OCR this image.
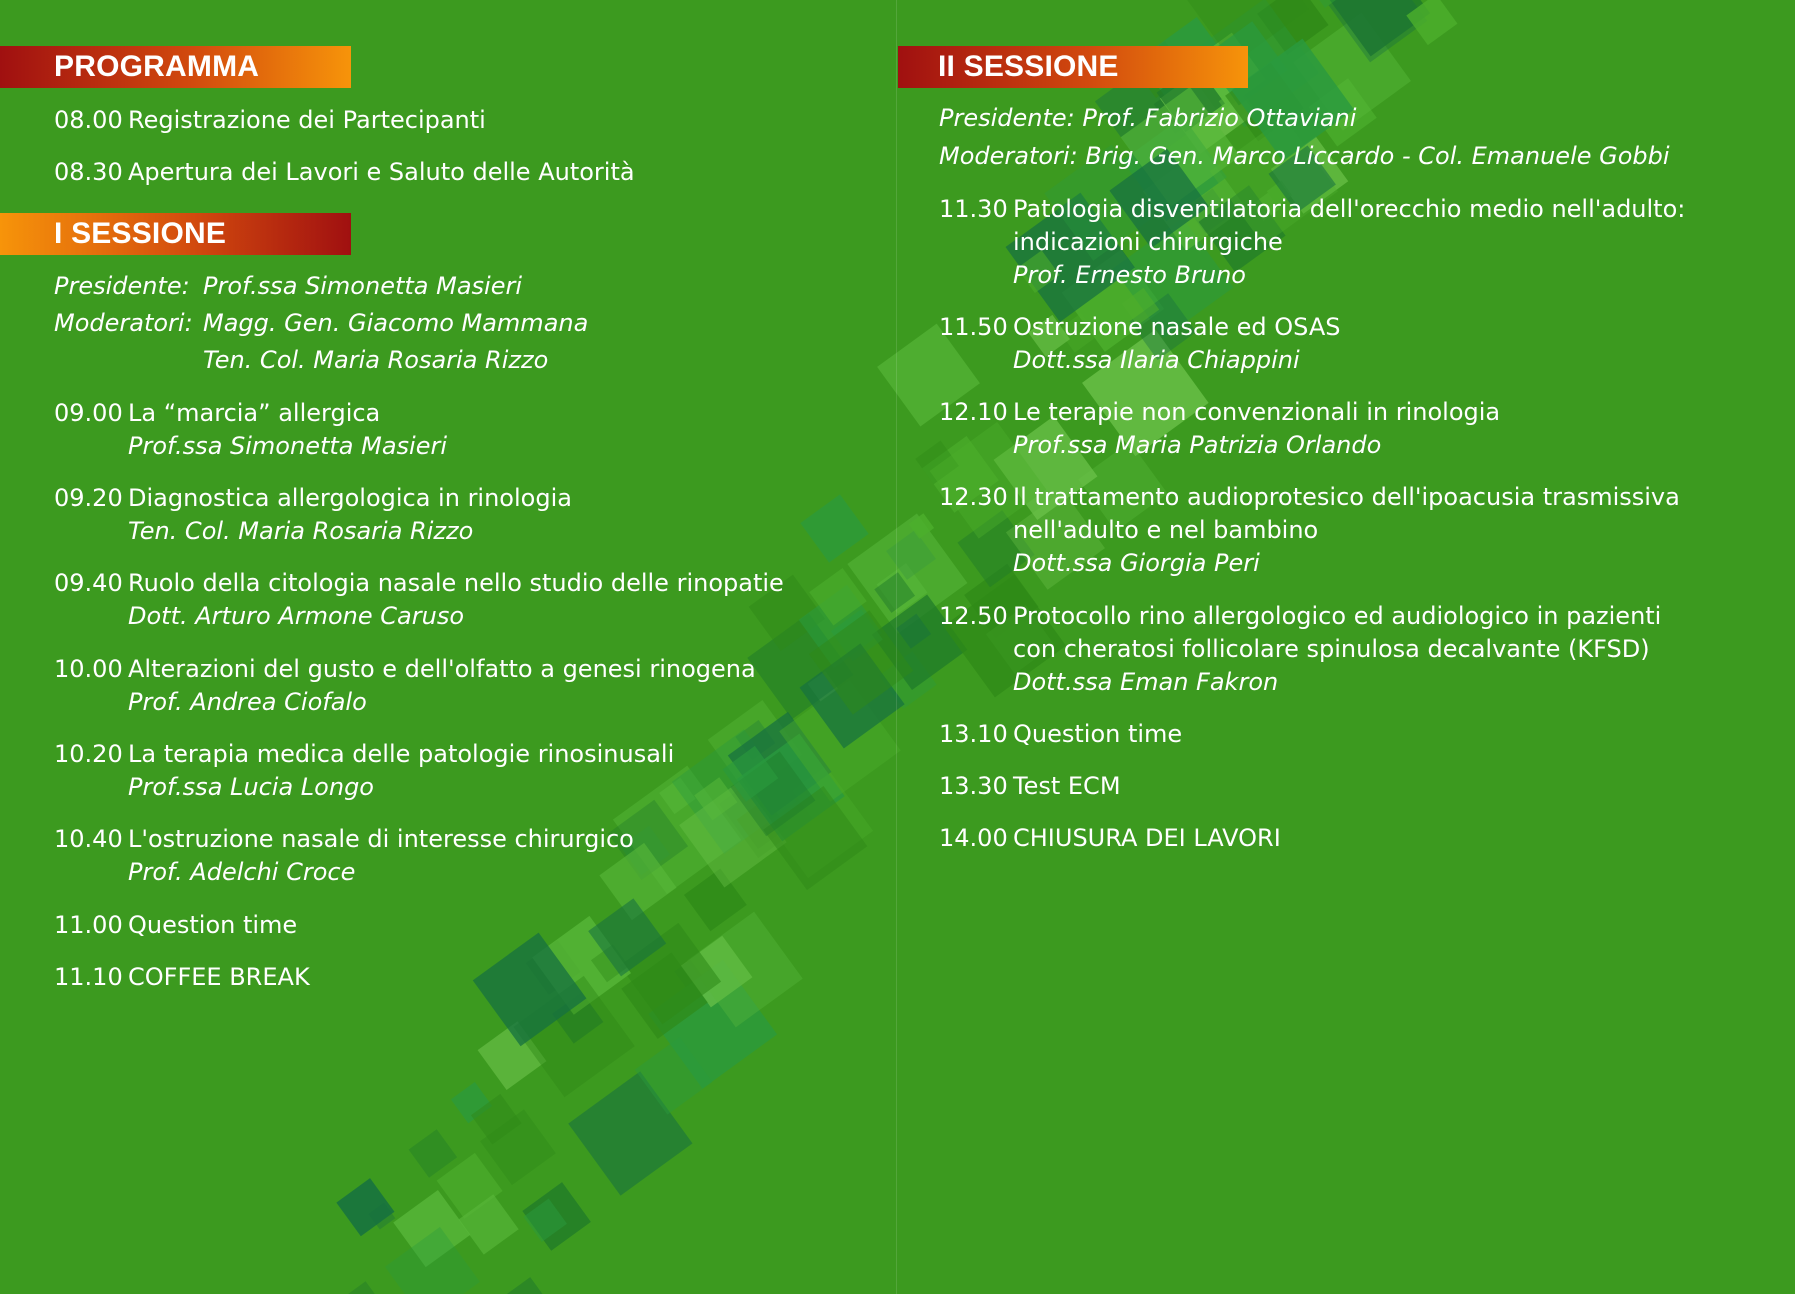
PROGRAMMA
08.00 Registrazione dei Partecipanti
08.30 Apertura dei Lavori e Saluto delle Autorità
I SESSIONE
Presidente: Prof.ssa Simonetta Masieri
Moderatori: Magg. Gen. Giacomo Mammana
Ten. Col. Maria Rosaria Rizzo
09.00 La “marcia” allergica
Prof.ssa Simonetta Masieri
09.20 Diagnostica allergologica in rinologia
Ten. Col. Maria Rosaria Rizzo
09.40 Ruolo della citologia nasale nello studio delle rinopatie
Dott. Arturo Armone Caruso
10.00 Alterazioni del gusto e dell'olfatto a genesi rinogena
Prof. Andrea Ciofalo
10.20 La terapia medica delle patologie rinosinusali
Prof.ssa Lucia Longo
10.40 L'ostruzione nasale di interesse chirurgico
Prof. Adelchi Croce
11.00 Question time
11.10 COFFEE BREAK
II SESSIONE
Presidente: Prof. Fabrizio Ottaviani
Moderatori: Brig. Gen. Marco Liccardo - Col. Emanuele Gobbi
11.30 Patologia disventilatoria dell'orecchio medio nell'adulto:
indicazioni chirurgiche
Prof. Ernesto Bruno
11.50 Ostruzione nasale ed OSAS
Dott.ssa Ilaria Chiappini
12.10 Le terapie non convenzionali in rinologia
Prof.ssa Maria Patrizia Orlando
12.30 Il trattamento audioprotesico dell'ipoacusia trasmissiva
nell'adulto e nel bambino
Dott.ssa Giorgia Peri
12.50 Protocollo rino allergologico ed audiologico in pazienti
con cheratosi follicolare spinulosa decalvante (KFSD)
Dott.ssa Eman Fakron
13.10 Question time
13.30 Test ECM
14.00 CHIUSURA DEI LAVORI
